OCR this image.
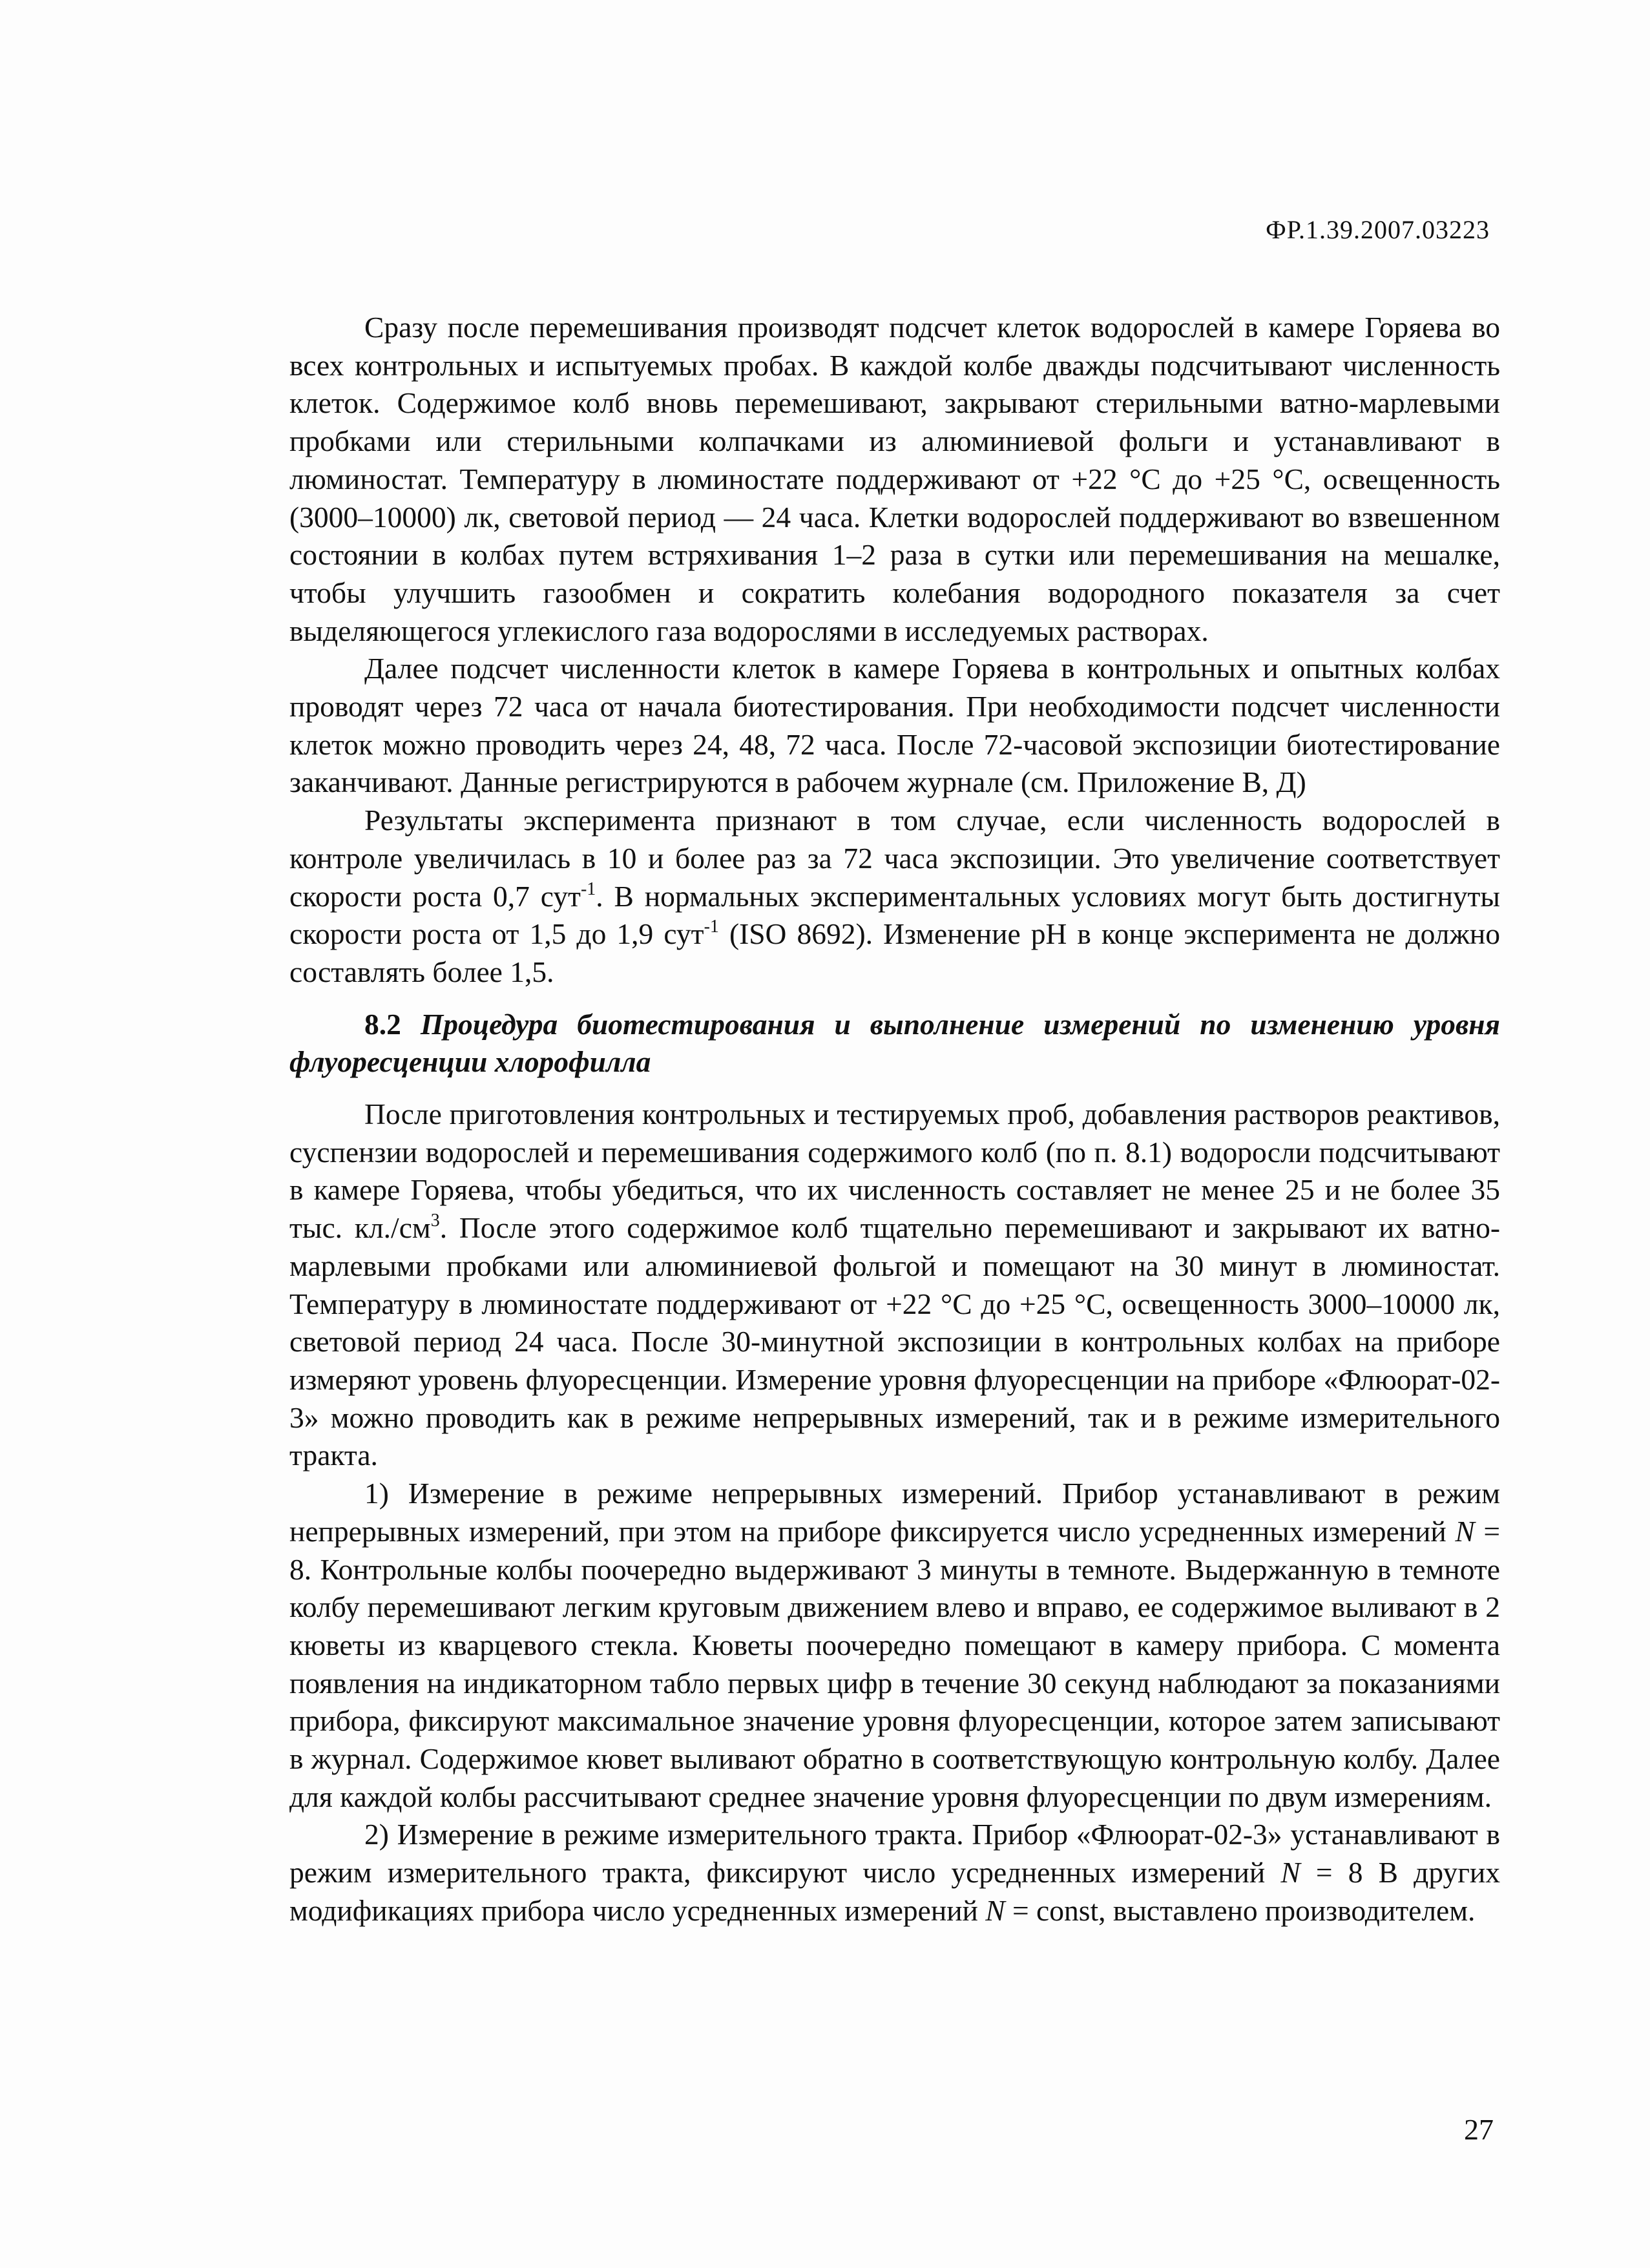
ФР.1.39.2007.03223

Сразу после перемешивания производят подсчет клеток водорослей в камере Горяева во всех контрольных и испытуемых пробах. В каждой колбе дважды подсчитывают численность клеток. Содержимое колб вновь перемешивают, закрывают стерильными ватно-марлевыми пробками или стерильными колпачками из алюминиевой фольги и устанавливают в люминостат. Температуру в люминостате поддерживают от +22 °С до +25 °С, освещенность (3000–10000) лк, световой период — 24 часа. Клетки водорослей поддерживают во взвешенном состоянии в колбах путем встряхивания 1–2 раза в сутки или перемешивания на мешалке, чтобы улучшить газообмен и сократить колебания водородного показателя за счет выделяющегося углекислого газа водорослями в исследуемых растворах.

Далее подсчет численности клеток в камере Горяева в контрольных и опытных колбах проводят через 72 часа от начала биотестирования. При необходимости подсчет численности клеток можно проводить через 24, 48, 72 часа. После 72-часовой экспозиции биотестирование заканчивают. Данные регистрируются в рабочем журнале (см. Приложение В, Д)

Результаты эксперимента признают в том случае, если численность водорослей в контроле увеличилась в 10 и более раз за 72 часа экспозиции. Это увеличение соответствует скорости роста 0,7 сут$^{-1}$. В нормальных экспериментальных условиях могут быть достигнуты скорости роста от 1,5 до 1,9 сут$^{-1}$ (ISO 8692). Изменение pH в конце эксперимента не должно составлять более 1,5.

8.2 Процедура биотестирования и выполнение измерений по изменению уровня флуоресценции хлорофилла

После приготовления контрольных и тестируемых проб, добавления растворов реактивов, суспензии водорослей и перемешивания содержимого колб (по п. 8.1) водоросли подсчитывают в камере Горяева, чтобы убедиться, что их численность составляет не менее 25 и не более 35 тыс. $кл./см^3$. После этого содержимое колб тщательно перемешивают и закрывают их ватно-марлевыми пробками или алюминиевой фольгой и помещают на 30 минут в люминостат. Температуру в люминостате поддерживают от +22 °С до +25 °С, освещенность 3000–10000 лк, световой период 24 часа. После 30-минутной экспозиции в контрольных колбах на приборе измеряют уровень флуоресценции. Измерение уровня флуоресценции на приборе «Флюорат-02-3» можно проводить как в режиме непрерывных измерений, так и в режиме измерительного тракта.

1) Измерение в режиме непрерывных измерений. Прибор устанавливают в режим непрерывных измерений, при этом на приборе фиксируется число усредненных измерений N = 8. Контрольные колбы поочередно выдерживают 3 минуты в темноте. Выдержанную в темноте колбу перемешивают легким круговым движением влево и вправо, ее содержимое выливают в 2 кюветы из кварцевого стекла. Кюветы поочередно помещают в камеру прибора. С момента появления на индикаторном табло первых цифр в течение 30 секунд наблюдают за показаниями прибора, фиксируют максимальное значение уровня флуоресценции, которое затем записывают в журнал. Содержимое кювет выливают обратно в соответствующую контрольную колбу. Далее для каждой колбы рассчитывают среднее значение уровня флуоресценции по двум измерениям.

2) Измерение в режиме измерительного тракта. Прибор «Флюорат-02-3» устанавливают в режим измерительного тракта, фиксируют число усредненных измерений N = 8 В других модификациях прибора число усредненных измерений N = const, выставлено производителем.

27
